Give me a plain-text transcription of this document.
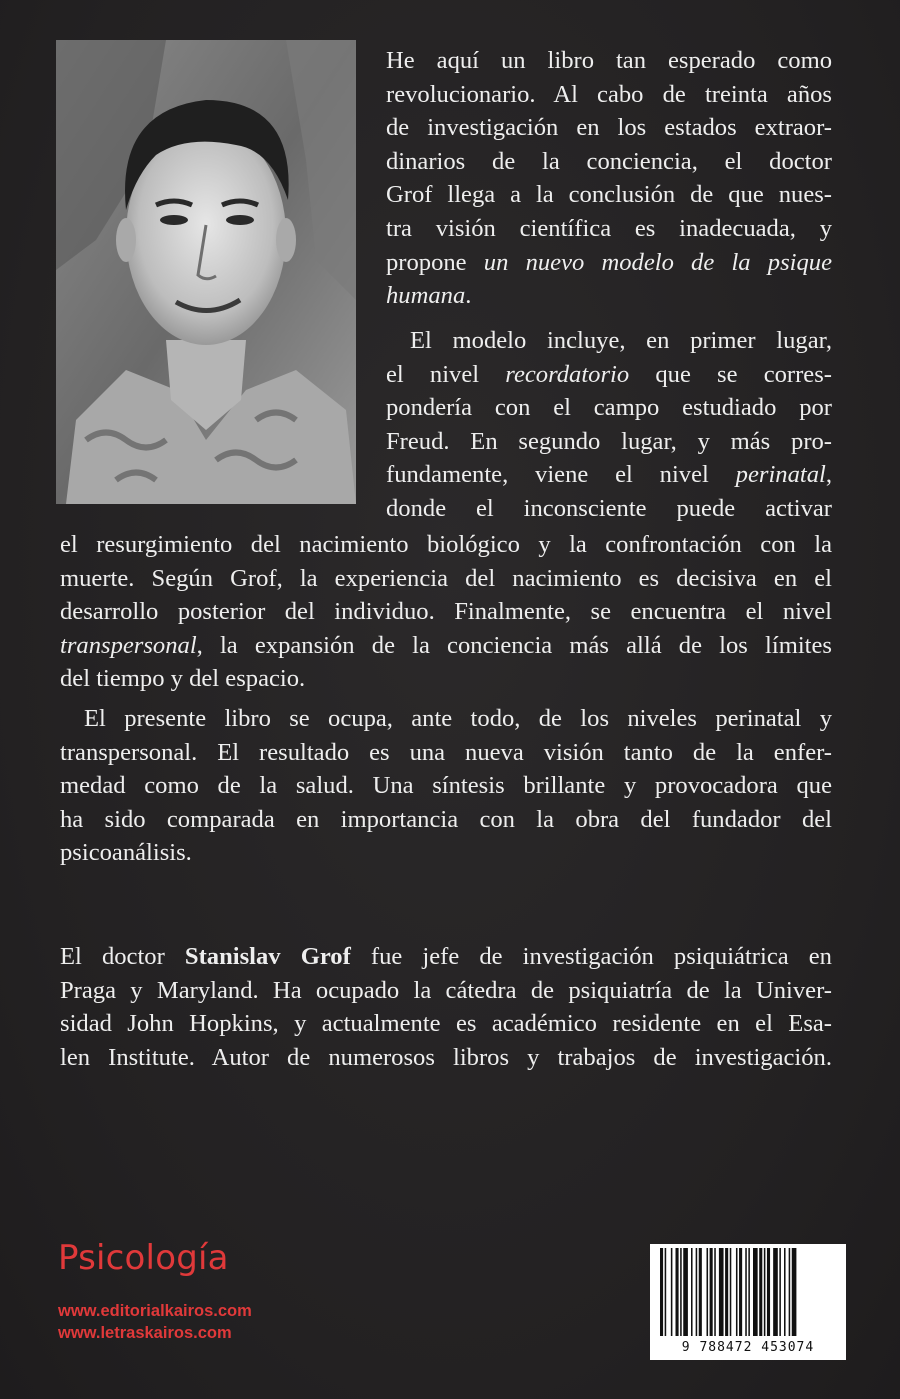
He aquí un libro tan esperado como
revolucionario. Al cabo de treinta años
de investigación en los estados extraor-
dinarios de la conciencia, el doctor
Grof llega a la conclusión de que nues-
tra visión científica es inadecuada, y
propone un nuevo modelo de la psique
humana.
El modelo incluye, en primer lugar,
el nivel recordatorio que se corres-
pondería con el campo estudiado por
Freud. En segundo lugar, y más pro-
fundamente, viene el nivel perinatal,
donde el inconsciente puede activar
el resurgimiento del nacimiento biológico y la confrontación con la
muerte. Según Grof, la experiencia del nacimiento es decisiva en el
desarrollo posterior del individuo. Finalmente, se encuentra el nivel
transpersonal, la expansión de la conciencia más allá de los límites
del tiempo y del espacio.
El presente libro se ocupa, ante todo, de los niveles perinatal y
transpersonal. El resultado es una nueva visión tanto de la enfer-
medad como de la salud. Una síntesis brillante y provocadora que
ha sido comparada en importancia con la obra del fundador del
psicoanálisis.
El doctor Stanislav Grof fue jefe de investigación psiquiátrica en
Praga y Maryland. Ha ocupado la cátedra de psiquiatría de la Univer-
sidad John Hopkins, y actualmente es académico residente en el Esa-
len Institute. Autor de numerosos libros y trabajos de investigación.
Psicología
www.editorialkairos.com
www.letraskairos.com
9 788472 453074
